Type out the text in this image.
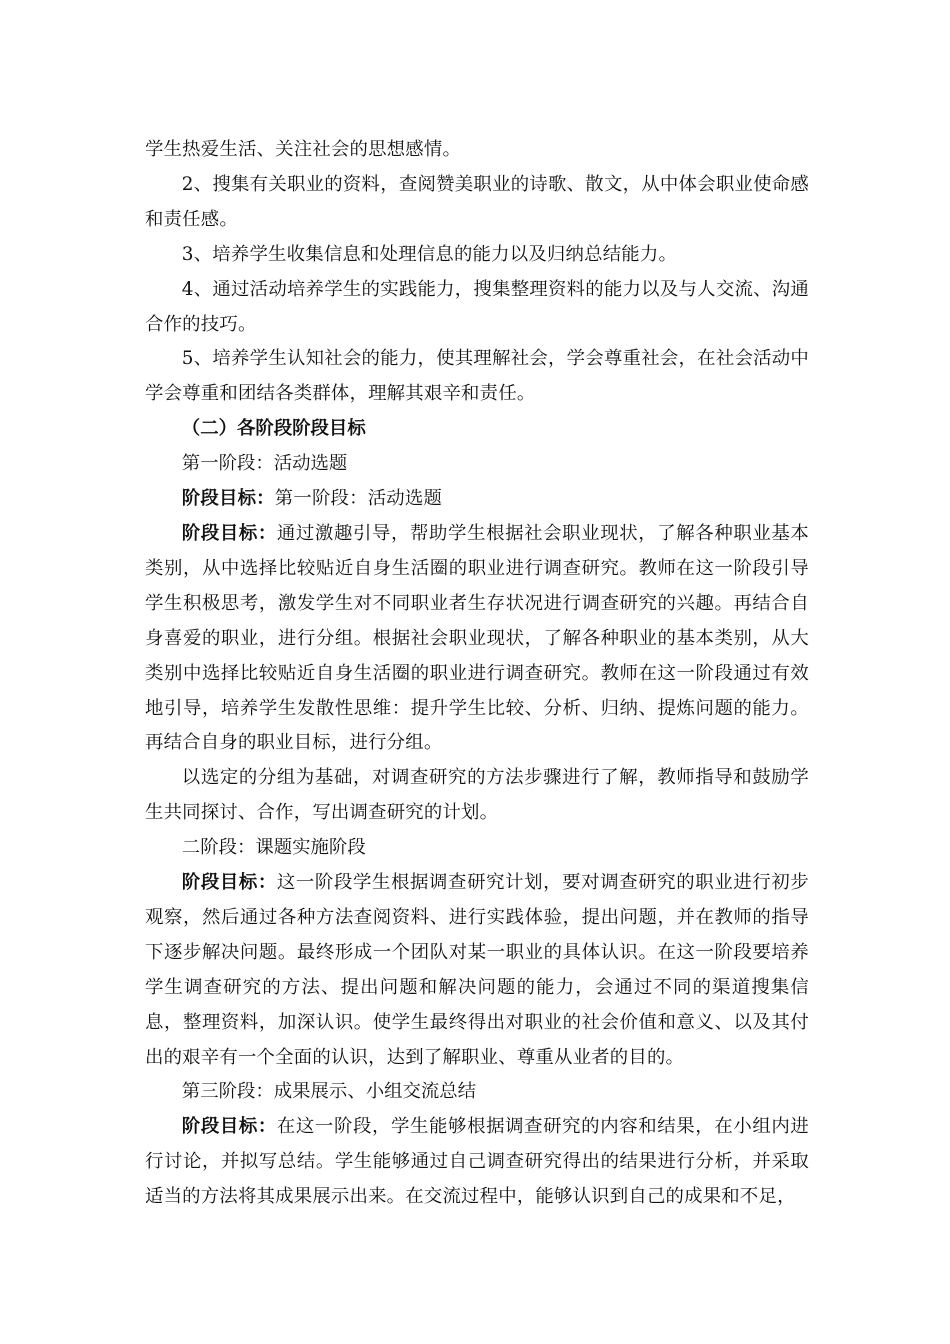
学生热爱生活、关注社会的思想感情。

2、搜集有关职业的资料，查阅赞美职业的诗歌、散文，从中体会职业使命感和责任感。

3、培养学生收集信息和处理信息的能力以及归纳总结能力。

4、通过活动培养学生的实践能力，搜集整理资料的能力以及与人交流、沟通合作的技巧。

5、培养学生认知社会的能力，使其理解社会，学会尊重社会，在社会活动中学会尊重和团结各类群体，理解其艰辛和责任。

（二）各阶段阶段目标

第一阶段：活动选题

阶段目标：第一阶段：活动选题

阶段目标：通过激趣引导，帮助学生根据社会职业现状，了解各种职业基本类别，从中选择比较贴近自身生活圈的职业进行调查研究。教师在这一阶段引导学生积极思考，激发学生对不同职业者生存状况进行调查研究的兴趣。再结合自身喜爱的职业，进行分组。根据社会职业现状，了解各种职业的基本类别，从大类别中选择比较贴近自身生活圈的职业进行调查研究。教师在这一阶段通过有效地引导，培养学生发散性思维：提升学生比较、分析、归纳、提炼问题的能力。再结合自身的职业目标，进行分组。

以选定的分组为基础，对调查研究的方法步骤进行了解，教师指导和鼓励学生共同探讨、合作，写出调查研究的计划。

二阶段：课题实施阶段

阶段目标：这一阶段学生根据调查研究计划，要对调查研究的职业进行初步观察，然后通过各种方法查阅资料、进行实践体验，提出问题，并在教师的指导下逐步解决问题。最终形成一个团队对某一职业的具体认识。在这一阶段要培养学生调查研究的方法、提出问题和解决问题的能力，会通过不同的渠道搜集信息，整理资料，加深认识。使学生最终得出对职业的社会价值和意义、以及其付出的艰辛有一个全面的认识，达到了解职业、尊重从业者的目的。

第三阶段：成果展示、小组交流总结

阶段目标：在这一阶段，学生能够根据调查研究的内容和结果，在小组内进行讨论，并拟写总结。学生能够通过自己调查研究得出的结果进行分析，并采取适当的方法将其成果展示出来。在交流过程中，能够认识到自己的成果和不足，
